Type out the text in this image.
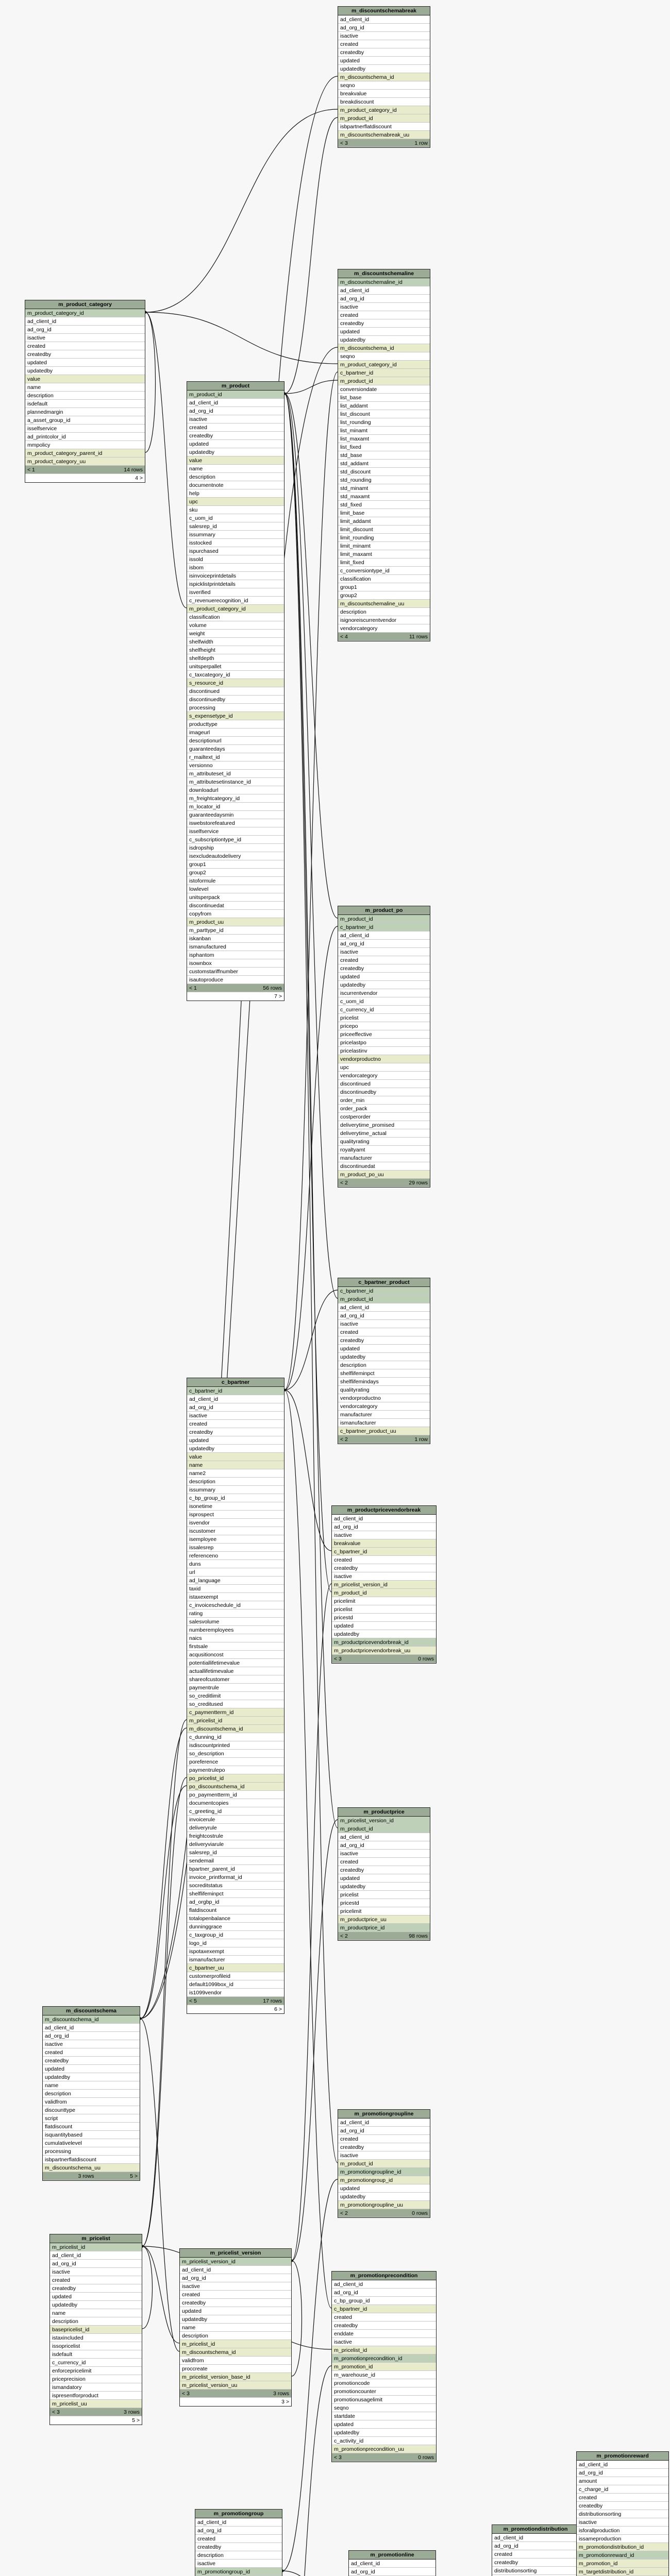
m_discountschemabreak
ad_client_id
ad_org_id
isactive
created
createdby
updated
updatedby
m_discountschema_id
seqno
breakvalue
breakdiscount
m_product_category_id
m_product_id
isbpartnerflatdiscount
m_discountschemabreak_uu
< 3	1 row
m_discountschemaline
m_discountschemaline_id
ad_client_id
ad_org_id
isactive
created
createdby
updated
updatedby
m_discountschema_id
seqno
m_product_category_id
c_bpartner_id
m_product_id
conversiondate
list_base
list_addamt
list_discount
list_rounding
list_minamt
list_maxamt
list_fixed
std_base
std_addamt
std_discount
std_rounding
std_minamt
std_maxamt
std_fixed
limit_base
limit_addamt
limit_discount
limit_rounding
limit_minamt
limit_maxamt
limit_fixed
c_conversiontype_id
classification
group1
group2
m_discountschemaline_uu
description
isignoreiscurrentvendor
vendorcategory
< 4	11 rows
m_product_category
m_product_category_id
ad_client_id
ad_org_id
isactive
created
createdby
updated
updatedby
value
name
description
isdefault
plannedmargin
a_asset_group_id
isselfservice
ad_printcolor_id
mmpolicy
m_product_category_parent_id
m_product_category_uu
< 1	14 rows
4 >
m_product
m_product_id
ad_client_id
ad_org_id
isactive
created
createdby
updated
updatedby
value
name
description
documentnote
help
upc
sku
c_uom_id
salesrep_id
issummary
isstocked
ispurchased
issold
isbom
isinvoiceprintdetails
ispicklistprintdetails
isverified
c_revenuerecognition_id
m_product_category_id
classification
volume
weight
shelfwidth
shelfheight
shelfdepth
unitsperpallet
c_taxcategory_id
s_resource_id
discontinued
discontinuedby
processing
s_expensetype_id
producttype
imageurl
descriptionurl
guaranteedays
r_mailtext_id
versionno
m_attributeset_id
m_attributesetinstance_id
downloadurl
m_freightcategory_id
m_locator_id
guaranteedaysmin
iswebstorefeatured
isselfservice
c_subscriptiontype_id
isdropship
isexcludeautodelivery
group1
group2
istoformule
lowlevel
unitsperpack
discontinuedat
copyfrom
m_product_uu
m_parttype_id
iskanban
ismanufactured
isphantom
isownbox
customstariffnumber
isautoproduce
< 1	56 rows
7 >
m_product_po
m_product_id
c_bpartner_id
ad_client_id
ad_org_id
isactive
created
createdby
updated
updatedby
iscurrentvendor
c_uom_id
c_currency_id
pricelist
pricepo
priceeffective
pricelastpo
pricelastinv
vendorproductno
upc
vendorcategory
discontinued
discontinuedby
order_min
order_pack
costperorder
deliverytime_promised
deliverytime_actual
qualityrating
royaltyamt
manufacturer
discontinuedat
m_product_po_uu
< 2	29 rows
c_bpartner_product
c_bpartner_id
m_product_id
ad_client_id
ad_org_id
isactive
created
createdby
updated
updatedby
description
shelflifeminpct
shelflifemindays
qualityrating
vendorproductno
vendorcategory
manufacturer
ismanufacturer
c_bpartner_product_uu
< 2	1 row
m_productpricevendorbreak
ad_client_id
ad_org_id
isactive
breakvalue
c_bpartner_id
created
createdby
isactive
m_pricelist_version_id
m_product_id
pricelimit
pricelist
pricestd
updated
updatedby
m_productpricevendorbreak_id
m_productpricevendorbreak_uu
< 3	0 rows
c_bpartner
c_bpartner_id
ad_client_id
ad_org_id
isactive
created
createdby
updated
updatedby
value
name
name2
description
issummary
c_bp_group_id
isonetime
isprospect
isvendor
iscustomer
isemployee
issalesrep
referenceno
duns
url
ad_language
taxid
istaxexempt
c_invoiceschedule_id
rating
salesvolume
numberemployees
naics
firstsale
acqusitioncost
potentiallifetimevalue
actuallifetimevalue
shareofcustomer
paymentrule
so_creditlimit
so_creditused
c_paymentterm_id
m_pricelist_id
m_discountschema_id
c_dunning_id
isdiscountprinted
so_description
poreference
paymentrulepo
po_pricelist_id
po_discountschema_id
po_paymentterm_id
documentcopies
c_greeting_id
invoicerule
deliveryrule
freightcostrule
deliveryviarule
salesrep_id
sendemail
bpartner_parent_id
invoice_printformat_id
socreditstatus
shelflifeminpct
ad_orgbp_id
flatdiscount
totalopenbalance
dunninggrace
c_taxgroup_id
logo_id
ispotaxexempt
ismanufacturer
c_bpartner_uu
customerprofileid
default1099box_id
is1099vendor
< 5	17 rows
6 >
m_productprice
m_pricelist_version_id
m_product_id
ad_client_id
ad_org_id
isactive
created
createdby
updated
updatedby
pricelist
pricestd
pricelimit
m_productprice_uu
m_productprice_id
< 2	98 rows
m_discountschema
m_discountschema_id
ad_client_id
ad_org_id
isactive
created
createdby
updated
updatedby
name
description
validfrom
discounttype
script
flatdiscount
isquantitybased
cumulativelevel
processing
isbpartnerflatdiscount
m_discountschema_uu
3 rows	5 >
m_promotiongroupline
ad_client_id
ad_org_id
created
createdby
isactive
m_product_id
m_promotiongroupline_id
m_promotiongroup_id
updated
updatedby
m_promotiongroupline_uu
< 2	0 rows
m_pricelist
m_pricelist_id
ad_client_id
ad_org_id
isactive
created
createdby
updated
updatedby
name
description
basepricelist_id
istaxincluded
issopricelist
isdefault
c_currency_id
enforcepricelimit
priceprecision
ismandatory
ispresentforproduct
m_pricelist_uu
< 3	3 rows
5 >
m_pricelist_version
m_pricelist_version_id
ad_client_id
ad_org_id
isactive
created
createdby
updated
updatedby
name
description
m_pricelist_id
m_discountschema_id
validfrom
proccreate
m_pricelist_version_base_id
m_pricelist_version_uu
< 3	3 rows
3 >
m_promotionprecondition
ad_client_id
ad_org_id
c_bp_group_id
c_bpartner_id
created
createdby
enddate
isactive
m_pricelist_id
m_promotionprecondition_id
m_promotion_id
m_warehouse_id
promotioncode
promotioncounter
promotionusagelimit
seqno
startdate
updated
updatedby
c_activity_id
m_promotionprecondition_uu
< 3	0 rows
m_promotiongroup
ad_client_id
ad_org_id
created
createdby
description
isactive
m_promotiongroup_id
m_promotionline
ad_client_id
ad_org_id
m_promotiondistribution
ad_client_id
ad_org_id
created
createdby
distributionsorting
m_promotionreward
ad_client_id
ad_org_id
amount
c_charge_id
created
createdby
distributionsorting
isactive
isforallproduction
issameproduction
m_promotiondistribution_id
m_promotionreward_id
m_promotion_id
m_targetdistribution_id
